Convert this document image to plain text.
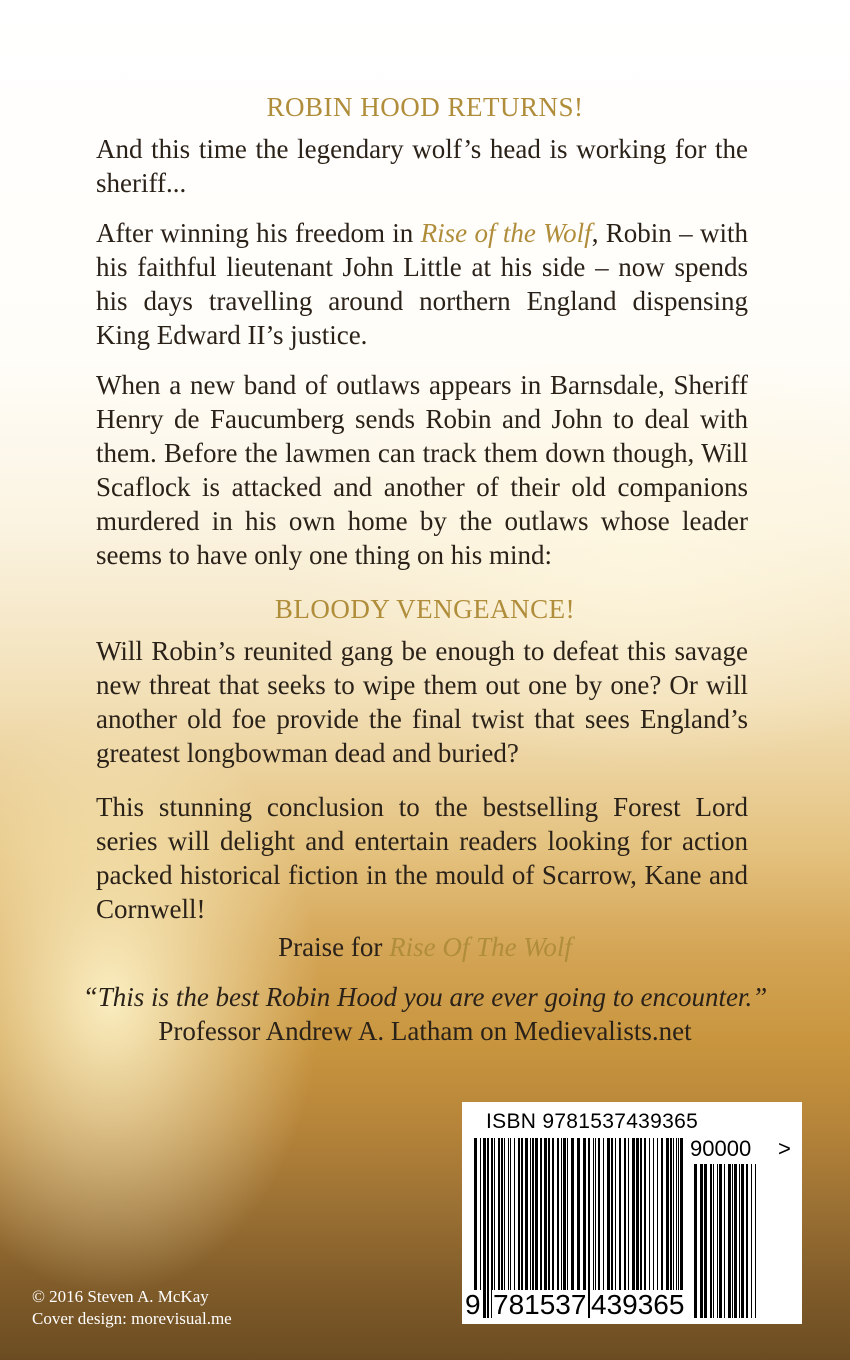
ROBIN HOOD RETURNS!
And this time the legendary wolf’s head is working for the sheriff...
After winning his freedom in Rise of the Wolf, Robin – with his faithful lieutenant John Little at his side – now spends his days travelling around northern England dispensing King Edward II’s justice.
When a new band of outlaws appears in Barnsdale, Sheriff Henry de Faucumberg sends Robin and John to deal with them. Before the lawmen can track them down though, Will Scaflock is attacked and another of their old companions murdered in his own home by the outlaws whose leader seems to have only one thing on his mind:
BLOODY VENGEANCE!
Will Robin’s reunited gang be enough to defeat this savage new threat that seeks to wipe them out one by one? Or will another old foe provide the final twist that sees England’s greatest longbowman dead and buried?
This stunning conclusion to the bestselling Forest Lord series will delight and entertain readers looking for action packed historical fiction in the mould of Scarrow, Kane and Cornwell!
Praise for Rise Of The Wolf
“This is the best Robin Hood you are ever going to encounter.”
Professor Andrew A. Latham on Medievalists.net
ISBN 9781537439365
90000 >
9 781537 439365
© 2016 Steven A. McKay
Cover design: morevisual.me
